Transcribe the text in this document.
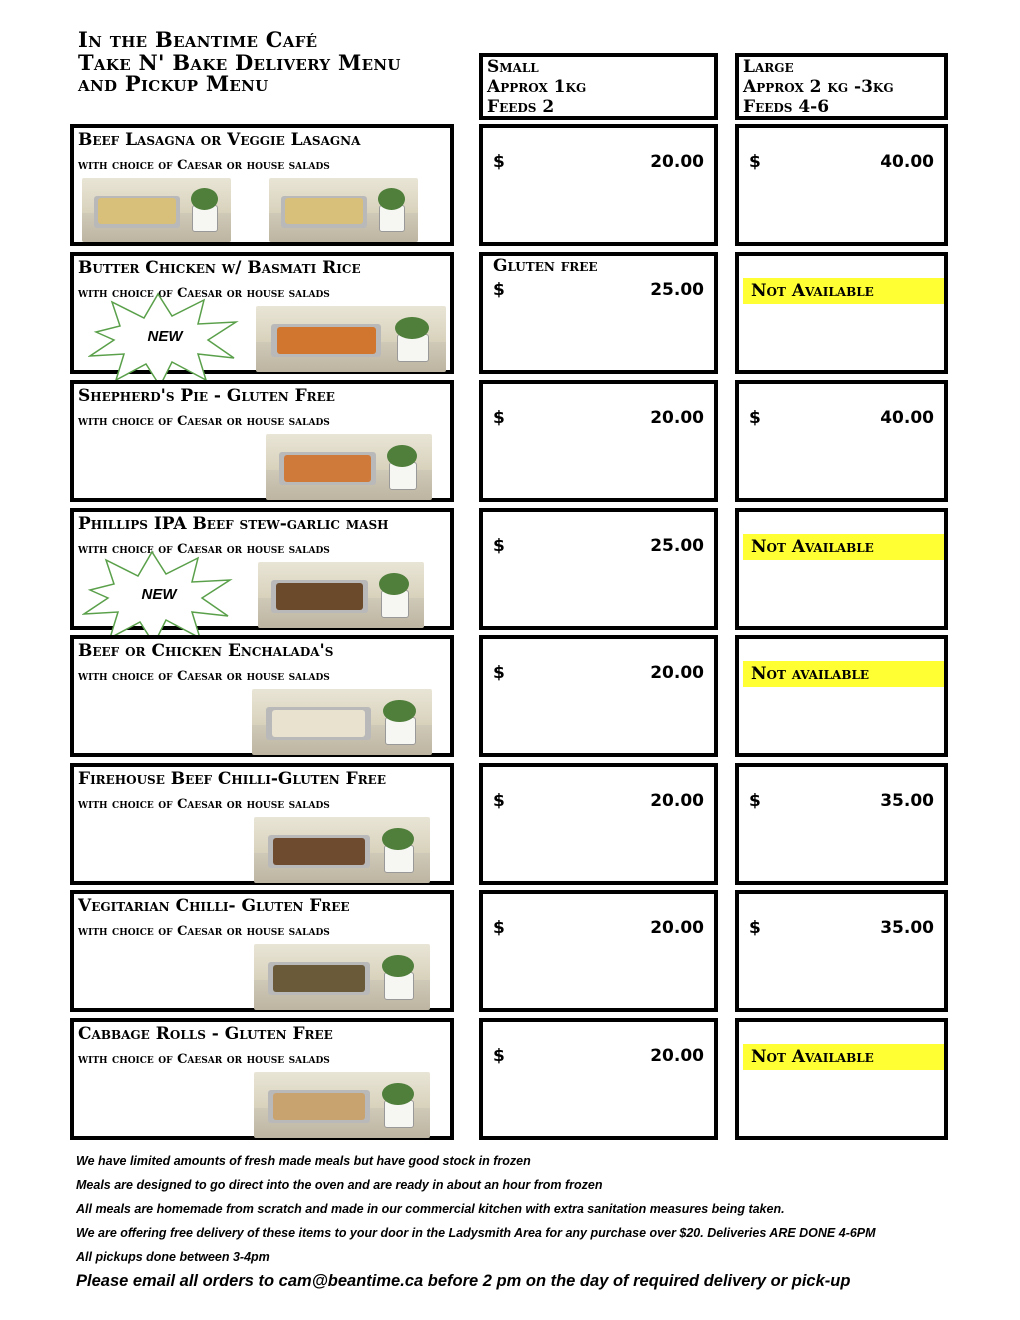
In the Beantime Café
Take N' Bake Delivery Menu
and Pickup Menu
Small
Approx 1kg
Feeds 2
Large
Approx 2 kg -3kg
Feeds 4-6
Beef Lasagna or Veggie Lasagna
with choice of Caesar or house salads	$	20.00	$	40.00
Butter Chicken w/ Basmati Rice
with choice of Caesar or house salads
Gluten free
$	25.00	Not Available
NEW
Shepherd's Pie - Gluten Free
with choice of Caesar or house salads	$	20.00	$	40.00
Phillips IPA Beef stew-garlic mash
with choice of Caesar or house salads	$	25.00	Not Available
NEW
Beef or Chicken Enchalada's
with choice of Caesar or house salads	$	20.00	Not available
Firehouse Beef Chilli-Gluten Free
with choice of Caesar or house salads	$	20.00	$	35.00
Vegitarian Chilli- Gluten Free
with choice of Caesar or house salads	$	20.00	$	35.00
Cabbage Rolls - Gluten Free
with choice of Caesar or house salads	$	20.00	Not Available
We have limited amounts of fresh made meals but have good stock in frozen
Meals are designed to go direct into the oven and are ready in about an hour from frozen
All meals are homemade from scratch and made in our commercial kitchen with extra sanitation measures being taken.
We are offering free delivery of these items to your door in the Ladysmith Area for any purchase over $20. Deliveries ARE DONE 4-6PM
All pickups done between 3-4pm
Please email all orders to cam@beantime.ca before 2 pm on the day of required delivery or pick-up
